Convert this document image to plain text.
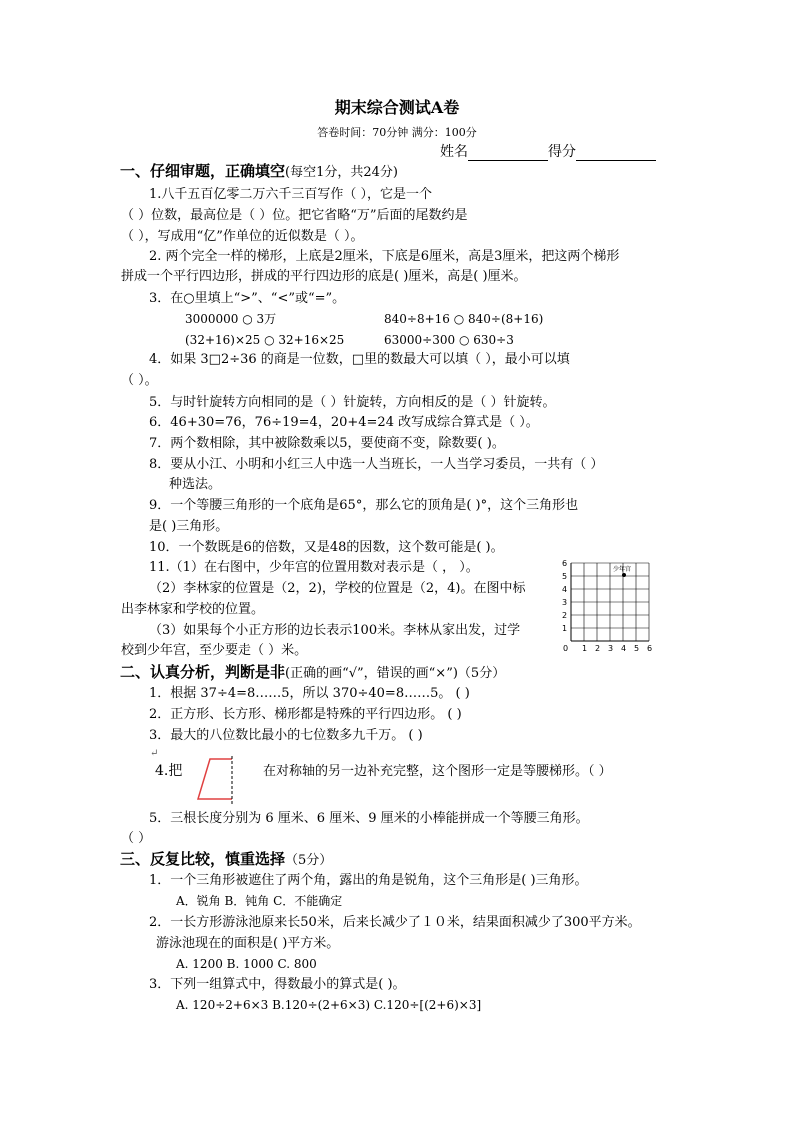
期末综合测试A卷
答卷时间：70分钟 满分：100分
姓名	得分
一、仔细审题，正确填空(每空1分，共24分)
1.八千五百亿零二万六千三百写作（ ），它是一个
（ ）位数，最高位是（ ）位。把它省略“万”后面的尾数约是
（ ），写成用“亿”作单位的近似数是（ ）。
2. 两个完全一样的梯形，上底是2厘米，下底是6厘米，高是3厘米，把这两个梯形
拼成一个平行四边形，拼成的平行四边形的底是( )厘米，高是( )厘米。
3．在○里填上“>”、“<”或“=”。
3000000 ○ 3万	840÷8+16 ○ 840÷(8+16)
(32+16)×25 ○ 32+16×25	63000÷300 ○ 630÷3
4．如果 3□2÷36 的商是一位数，□里的数最大可以填（ ），最小可以填
（ ）。
5．与时针旋转方向相同的是（ ）针旋转，方向相反的是（ ）针旋转。
6．46+30=76，76÷19=4，20+4=24 改写成综合算式是（ ）。
7．两个数相除，其中被除数乘以5，要使商不变，除数要( )。
8．要从小江、小明和小红三人中选一人当班长，一人当学习委员，一共有（ ）
种选法。
9．一个等腰三角形的一个底角是65°，那么它的顶角是( )°，这个三角形也
是( )三角形。
10．一个数既是6的倍数，又是48的因数，这个数可能是( )。
11.（1）在右图中，少年宫的位置用数对表示是（ ， ）。
（2）李林家的位置是（2，2)，学校的位置是（2，4)。在图中标
出李林家和学校的位置。
（3）如果每个小正方形的边长表示100米。李林从家出发，过学
校到少年宫，至少要走（ ）米。
6
5
4
3
2
1
0 1 2 3 4 5 6
少年宫
二、认真分析，判断是非(正确的画“√”，错误的画“×”)（5分）
1．根据 37÷4=8……5，所以 370÷40=8……5。 ( )
2．正方形、长方形、梯形都是特殊的平行四边形。 ( )
3．最大的八位数比最小的七位数多九千万。 ( )
↵
4.把	在对称轴的另一边补充完整，这个图形一定是等腰梯形。（ ）
5．三根长度分别为 6 厘米、6 厘米、9 厘米的小棒能拼成一个等腰三角形。
（ ）
三、反复比较，慎重选择（5分）
1．一个三角形被遮住了两个角，露出的角是锐角，这个三角形是( )三角形。
A．锐角 B．钝角 C．不能确定
2．一长方形游泳池原来长50米，后来长减少了１０米，结果面积减少了300平方米。
游泳池现在的面积是( )平方米。
A. 1200 B. 1000 C. 800
3．下列一组算式中，得数最小的算式是( )。
A. 120÷2+6×3 B.120÷(2+6×3) C.120÷[(2+6)×3]
